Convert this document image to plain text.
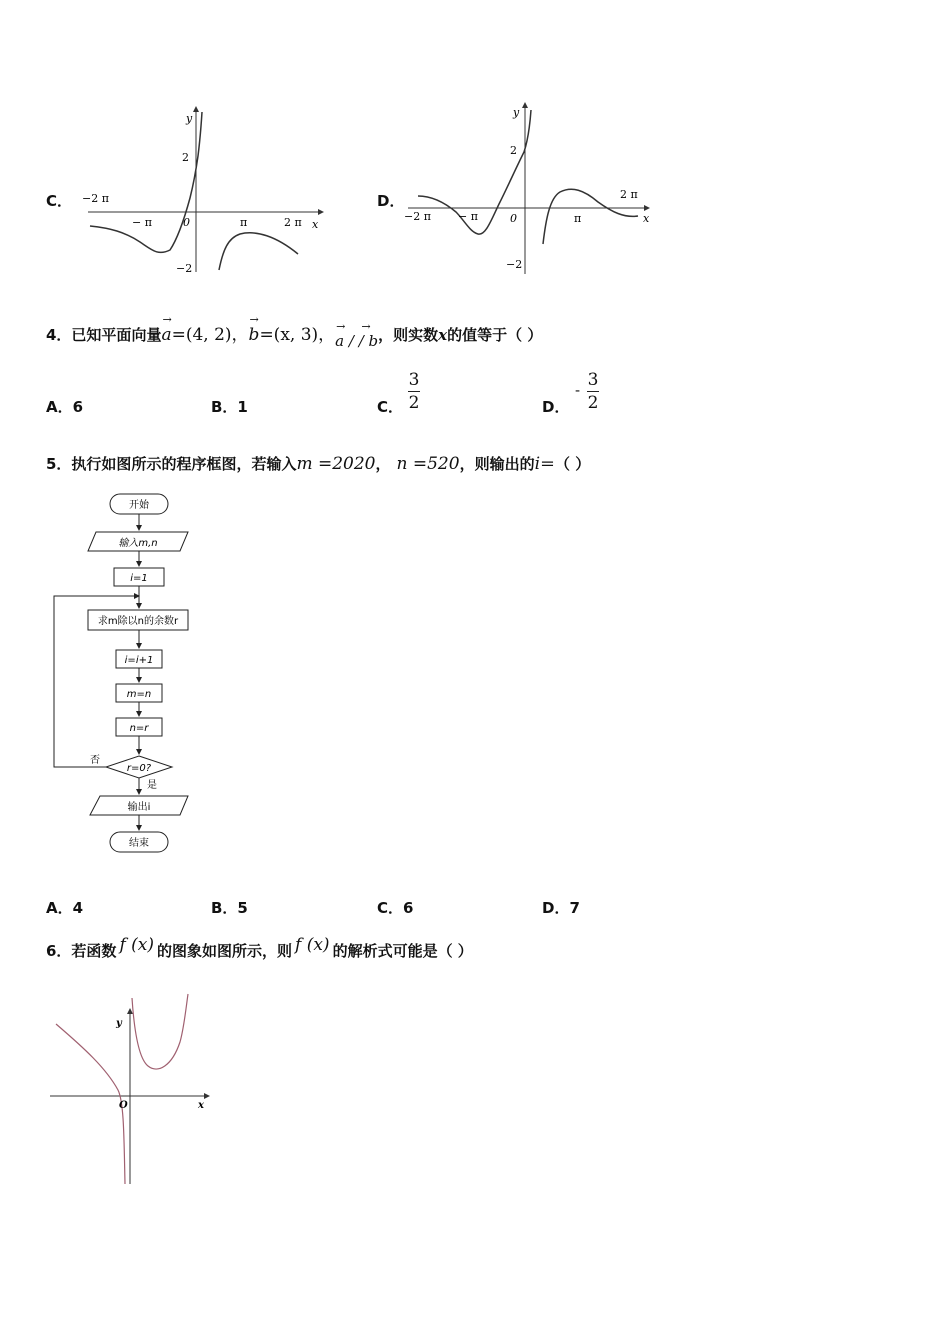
C．
y
x
0
2
−2
−2 π
− π	π	2 π
D．
y
x
0
2
−2
−2 π − π	π
2 π
4．已知平面向量
→
a=(4, 2)，
→
b=(x, 3)， →→
a / / b，则实数x的值等于（ ）
A．6	B．1	C．
3
2	D．
- 3
2
5．执行如图所示的程序框图，若输入m =2020， n =520，则输出的i＝（ ）
开始
输入m,n
i=1
求m除以n的余数r
i=i+1
m=n
n=r
r=0?
否
是
输出i
结束
A．4	B．5	C．6	D．7
6．若函数 f (x) 的图象如图所示，则 f (x) 的解析式可能是（ ）
y
x
O
